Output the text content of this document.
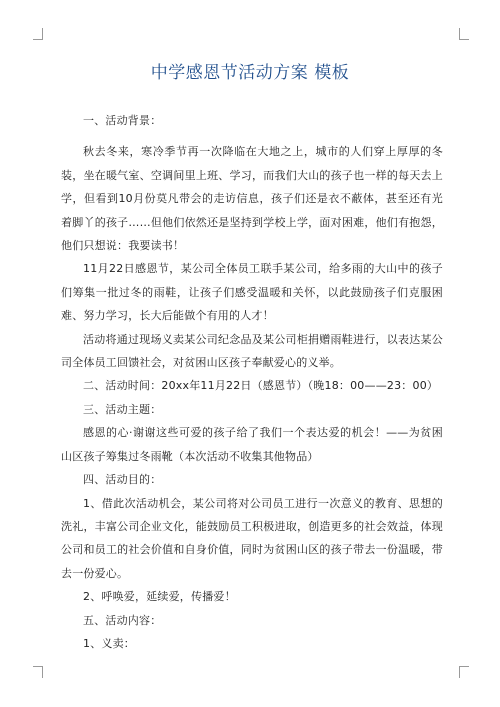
中学感恩节活动方案 模板

一、活动背景：

秋去冬来，寒冷季节再一次降临在大地之上，城市的人们穿上厚厚的冬装，坐在暖气室、空调间里上班、学习，而我们大山的孩子也一样的每天去上学，但看到10月份莫凡带会的走访信息，孩子们还是衣不蔽体，甚至还有光着脚丫的孩子……但他们依然还是坚持到学校上学，面对困难，他们有抱怨，他们只想说：我要读书！

11月22日感恩节，某公司全体员工联手某公司，给多雨的大山中的孩子们筹集一批过冬的雨鞋，让孩子们感受温暖和关怀，以此鼓励孩子们克服困难、努力学习，长大后能做个有用的人才！

活动将通过现场义卖某公司纪念品及某公司柜捐赠雨鞋进行，以表达某公司全体员工回馈社会，对贫困山区孩子奉献爱心的义举。

二、活动时间：20xx年11月22日（感恩节）（晚18：00——23：00）

三、活动主题：

感恩的心·谢谢这些可爱的孩子给了我们一个表达爱的机会！——为贫困山区孩子筹集过冬雨靴（本次活动不收集其他物品）

四、活动目的：

1、借此次活动机会，某公司将对公司员工进行一次意义的教育、思想的洗礼，丰富公司企业文化，能鼓励员工积极进取，创造更多的社会效益，体现公司和员工的社会价值和自身价值，同时为贫困山区的孩子带去一份温暖，带去一份爱心。

2、呼唤爱，延续爱，传播爱！

五、活动内容：

1、义卖：
